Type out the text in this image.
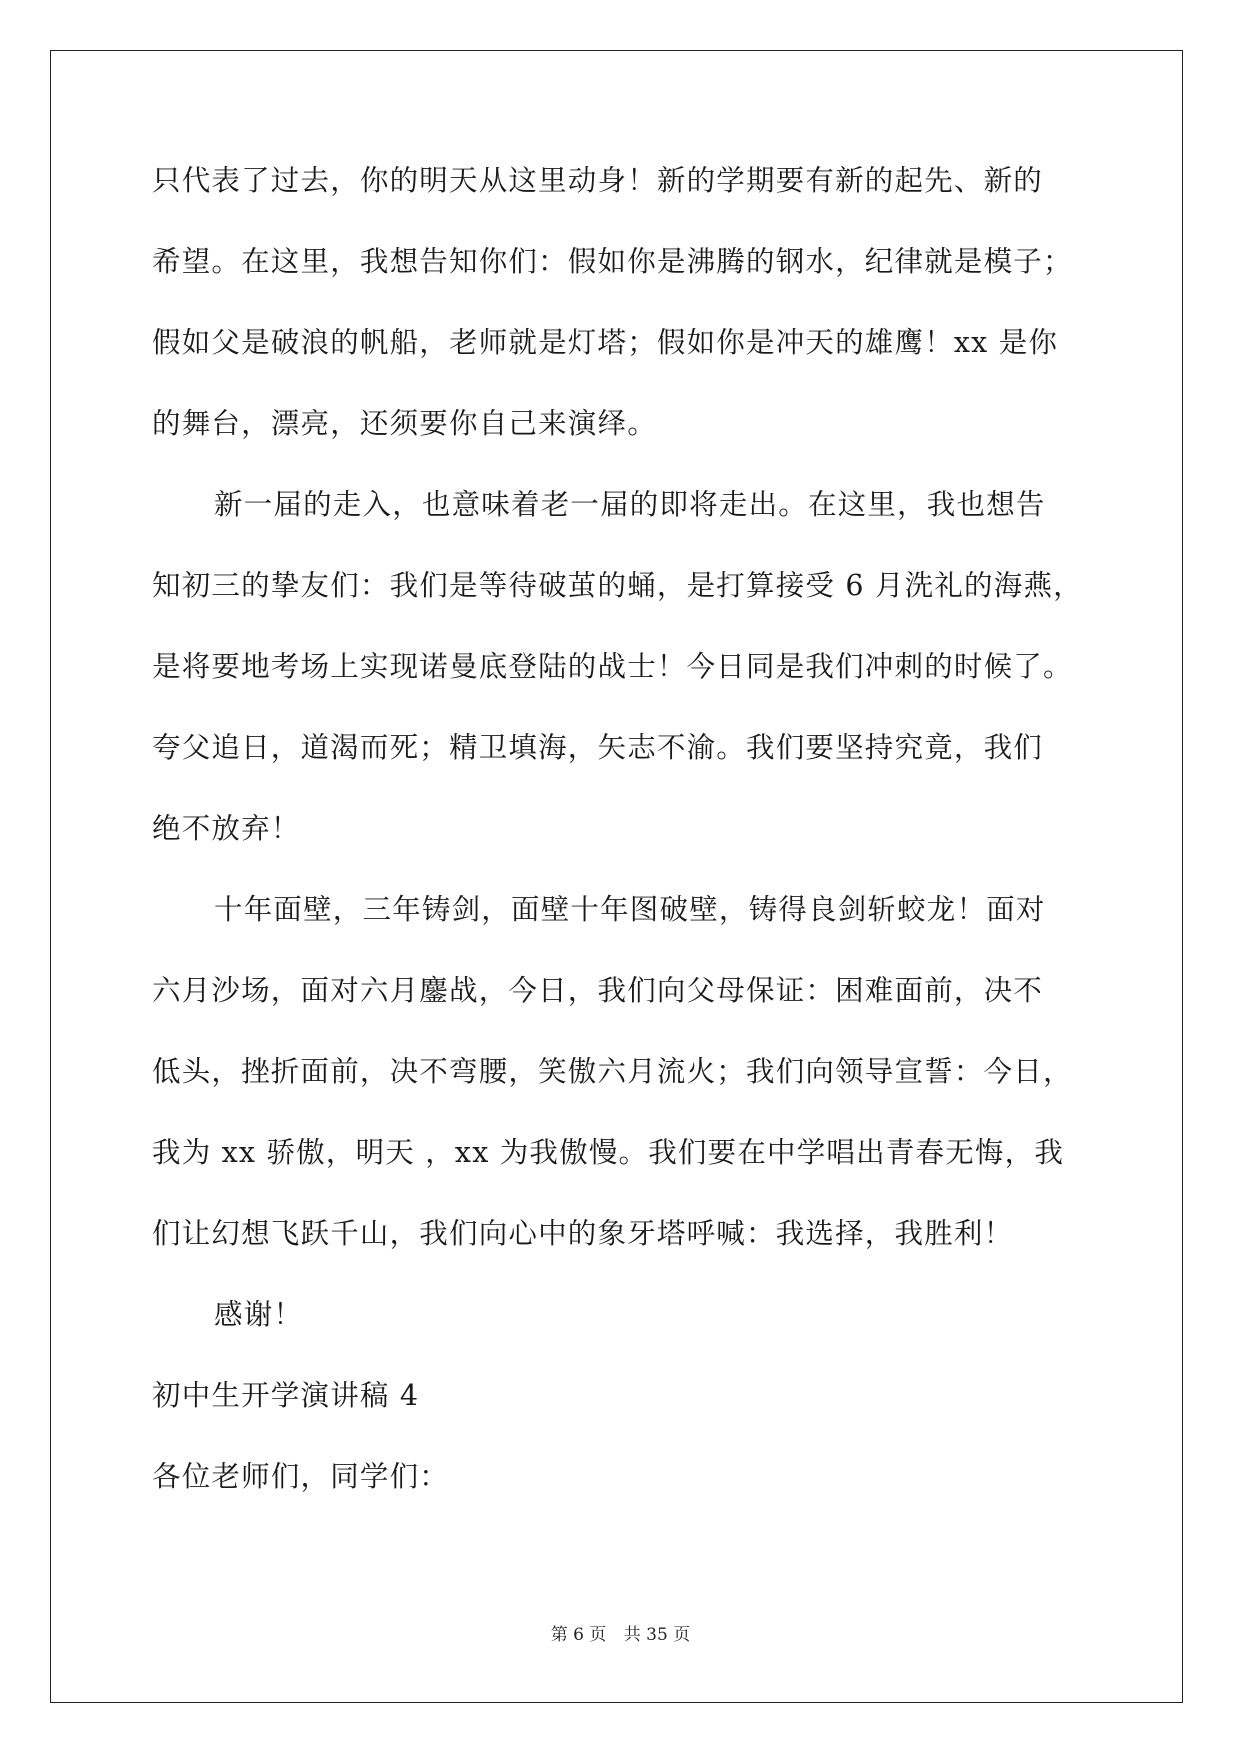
只代表了过去，你的明天从这里动身！新的学期要有新的起先、新的
希望。在这里，我想告知你们：假如你是沸腾的钢水，纪律就是模子；
假如父是破浪的帆船，老师就是灯塔；假如你是冲天的雄鹰！xx 是你
的舞台，漂亮，还须要你自己来演绎。
新一届的走入，也意味着老一届的即将走出。在这里，我也想告
知初三的挚友们：我们是等待破茧的蛹，是打算接受 6 月洗礼的海燕，
是将要地考场上实现诺曼底登陆的战士！今日同是我们冲刺的时候了。
夸父追日，道渴而死；精卫填海，矢志不渝。我们要坚持究竟，我们
绝不放弃！
十年面壁，三年铸剑，面壁十年图破壁，铸得良剑斩蛟龙！面对
六月沙场，面对六月鏖战，今日，我们向父母保证：困难面前，决不
低头，挫折面前，决不弯腰，笑傲六月流火；我们向领导宣誓：今日，
我为 xx 骄傲，明天 ，xx 为我傲慢。我们要在中学唱出青春无悔，我
们让幻想飞跃千山，我们向心中的象牙塔呼喊：我选择，我胜利！
感谢！
初中生开学演讲稿 4
各位老师们，同学们：
第 6 页 共 35 页
